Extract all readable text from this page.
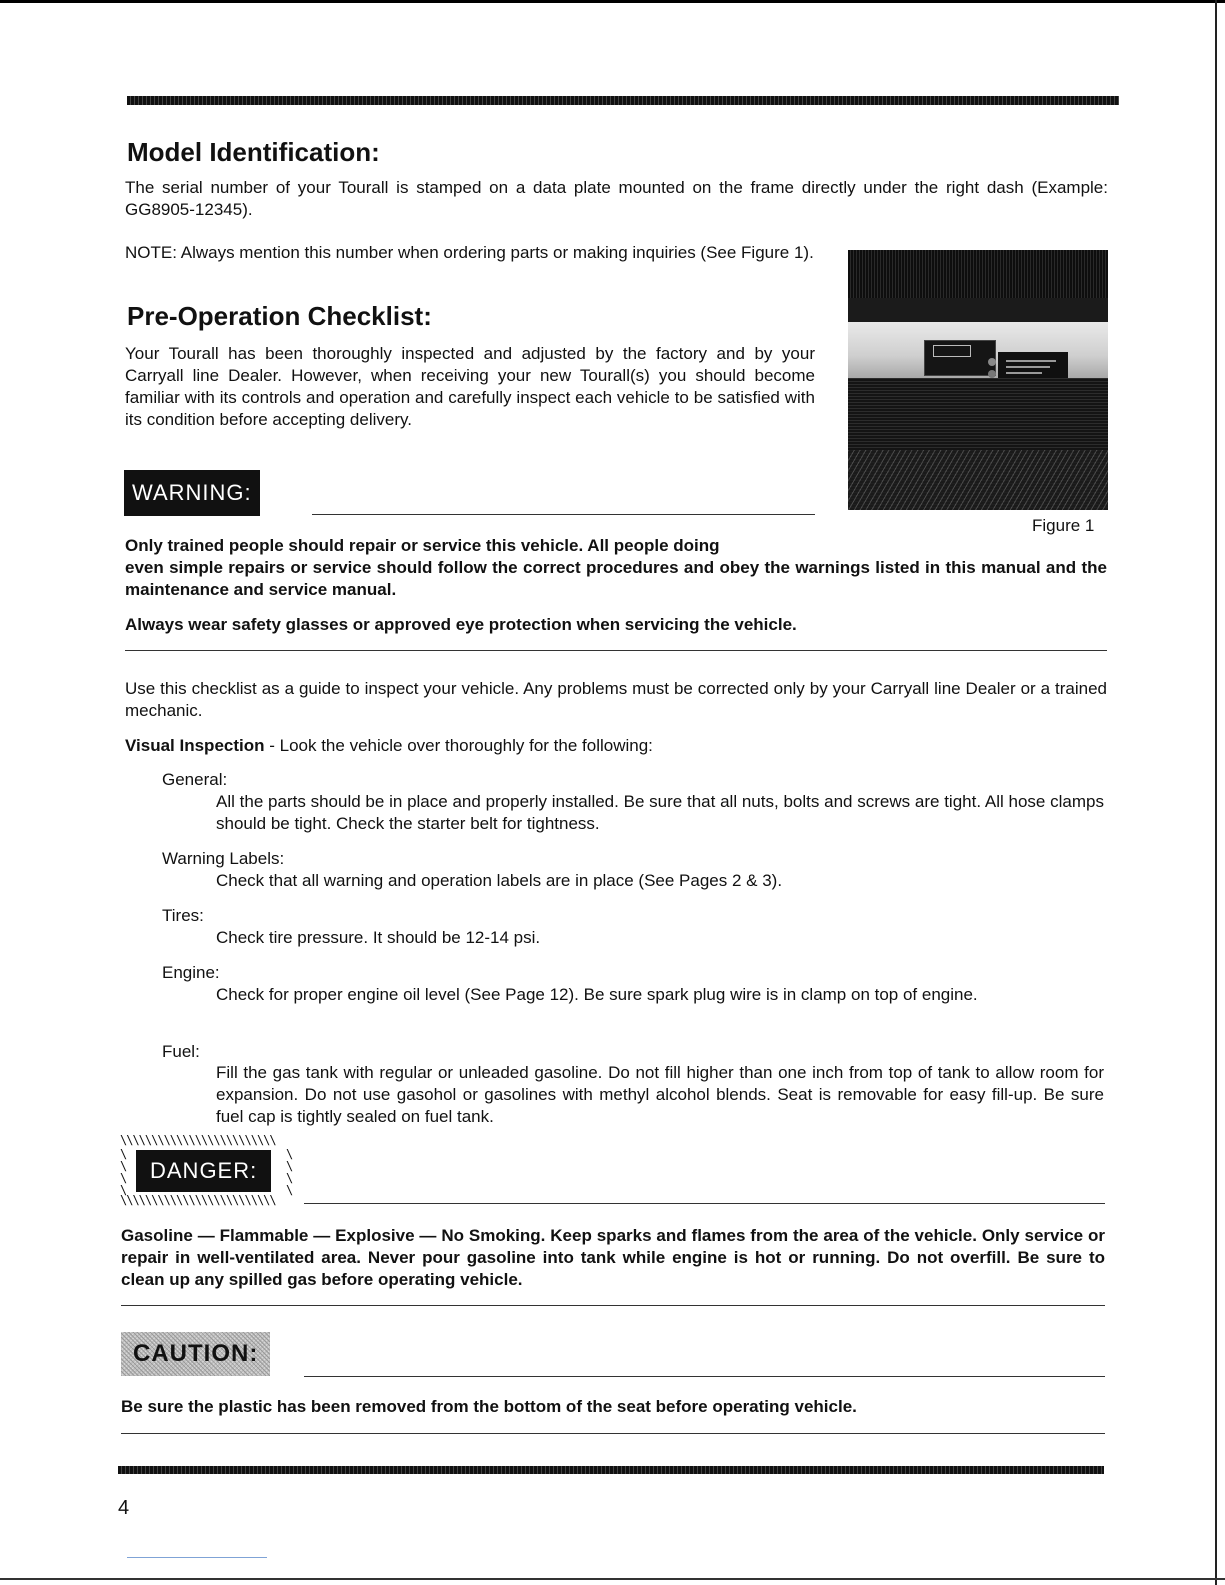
Model Identification:

The serial number of your Tourall is stamped on a data plate mounted on the frame directly under the right dash (Example: GG8905-12345).

NOTE: Always mention this number when ordering parts or making inquiries (See Figure 1).

Figure 1
Pre-Operation Checklist:

Your Tourall has been thoroughly inspected and adjusted by the factory and by your Carryall line Dealer. However, when receiving your new Tourall(s) you should become familiar with its controls and operation and carefully inspect each vehicle to be satisfied with its condition before accepting delivery.

WARNING:

Only trained people should repair or service this vehicle. All people doing

even simple repairs or service should follow the correct procedures and obey the warnings listed in this manual and the maintenance and service manual.

Always wear safety glasses or approved eye protection when servicing the vehicle.

Use this checklist as a guide to inspect your vehicle. Any problems must be corrected only by your Carryall line Dealer or a trained mechanic.

Visual Inspection - Look the vehicle over thoroughly for the following:

General:
All the parts should be in place and properly installed. Be sure that all nuts, bolts and screws are tight. All hose clamps should be tight. Check the starter belt for tightness.
Warning Labels:
Check that all warning and operation labels are in place (See Pages 2 & 3).
Tires:
Check tire pressure. It should be 12-14 psi.
Engine:
Check for proper engine oil level (See Page 12). Be sure spark plug wire is in clamp on top of engine.
Fuel:
Fill the gas tank with regular or unleaded gasoline. Do not fill higher than one inch from top of tank to allow room for expansion. Do not use gasohol or gasolines with methyl alcohol blends. Seat is removable for easy fill-up. Be sure fuel cap is tightly sealed on fuel tank.
\\\\\\\\\\\\\\\\\\\\\\\\\
\
\
\
\

\
\
\
\

DANGER:
\\\\\\\\\\\\\\\\\\\\\\\\\

Gasoline — Flammable — Explosive — No Smoking. Keep sparks and flames from the area of the vehicle. Only service or repair in well-ventilated area. Never pour gasoline into tank while engine is hot or running. Do not overfill. Be sure to clean up any spilled gas before operating vehicle.

CAUTION:

Be sure the plastic has been removed from the bottom of the seat before operating vehicle.

4
